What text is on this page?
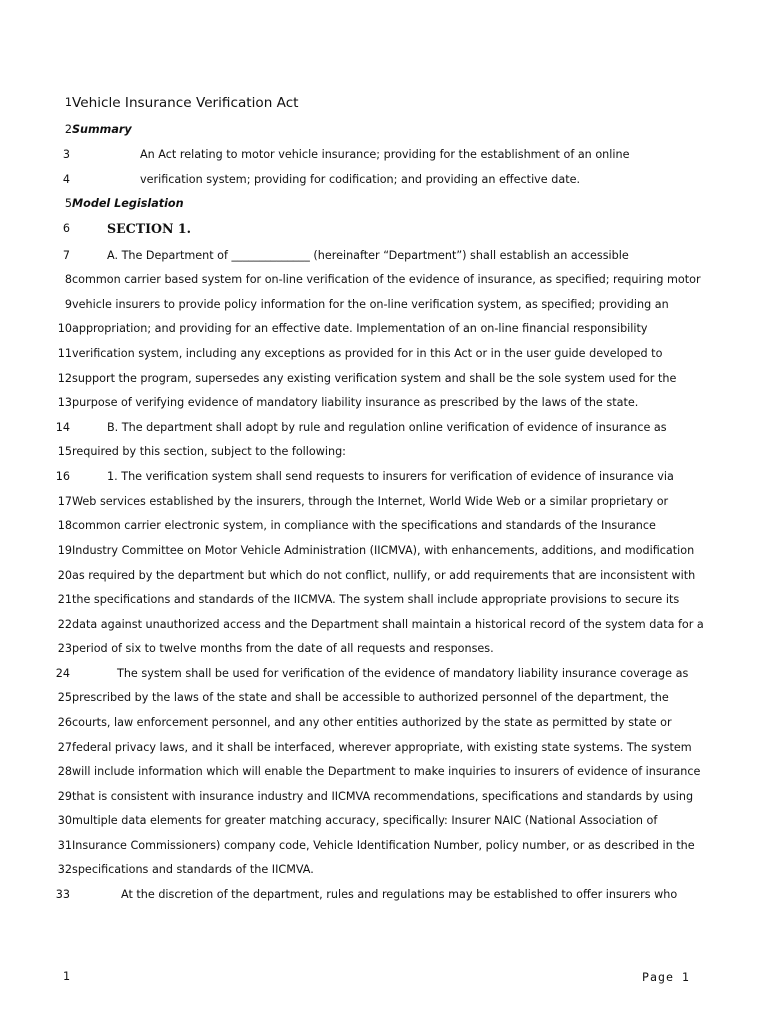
1 Vehicle Insurance Verification Act
2 Summary
3	An Act relating to motor vehicle insurance; providing for the establishment of an online
4	verification system; providing for codification; and providing an effective date.
5 Model Legislation
6	SECTION 1.
7	A. The Department of ______________ (hereinafter “Department”) shall establish an accessible
8 common carrier based system for on-line verification of the evidence of insurance, as specified; requiring motor
9 vehicle insurers to provide policy information for the on-line verification system, as specified; providing an
10 appropriation; and providing for an effective date. Implementation of an on-line financial responsibility
11 verification system, including any exceptions as provided for in this Act or in the user guide developed to
12 support the program, supersedes any existing verification system and shall be the sole system used for the
13 purpose of verifying evidence of mandatory liability insurance as prescribed by the laws of the state.
14	B. The department shall adopt by rule and regulation online verification of evidence of insurance as
15 required by this section, subject to the following:
16	1. The verification system shall send requests to insurers for verification of evidence of insurance via
17 Web services established by the insurers, through the Internet, World Wide Web or a similar proprietary or
18 common carrier electronic system, in compliance with the specifications and standards of the Insurance
19 Industry Committee on Motor Vehicle Administration (IICMVA), with enhancements, additions, and modification
20 as required by the department but which do not conflict, nullify, or add requirements that are inconsistent with
21 the specifications and standards of the IICMVA. The system shall include appropriate provisions to secure its
22 data against unauthorized access and the Department shall maintain a historical record of the system data for a
23 period of six to twelve months from the date of all requests and responses.
24	The system shall be used for verification of the evidence of mandatory liability insurance coverage as
25 prescribed by the laws of the state and shall be accessible to authorized personnel of the department, the
26 courts, law enforcement personnel, and any other entities authorized by the state as permitted by state or
27 federal privacy laws, and it shall be interfaced, wherever appropriate, with existing state systems. The system
28 will include information which will enable the Department to make inquiries to insurers of evidence of insurance
29 that is consistent with insurance industry and IICMVA recommendations, specifications and standards by using
30 multiple data elements for greater matching accuracy, specifically: Insurer NAIC (National Association of
31 Insurance Commissioners) company code, Vehicle Identification Number, policy number, or as described in the
32 specifications and standards of the IICMVA.
33	At the discretion of the department, rules and regulations may be established to offer insurers who
1	Page 1
